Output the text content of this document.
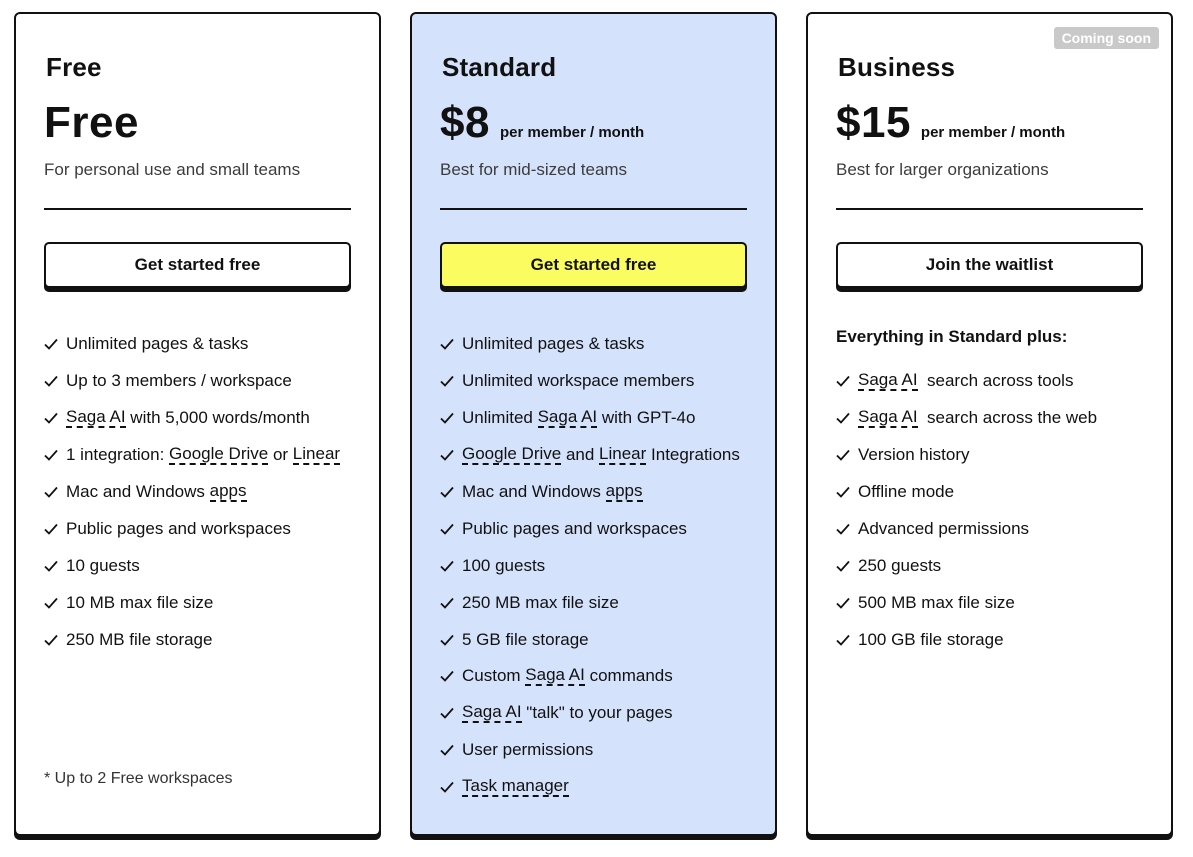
Free
Free
For personal use and small teams
Get started free
Unlimited pages & tasks
Up to 3 members / workspace
Saga AI with 5,000 words/month
1 integration: Google Drive or Linear
Mac and Windows apps
Public pages and workspaces
10 guests
10 MB max file size
250 MB file storage
* Up to 2 Free workspaces
Standard
$8 per member / month
Best for mid-sized teams
Get started free
Unlimited pages & tasks
Unlimited workspace members
Unlimited Saga AI with GPT-4o
Google Drive and Linear Integrations
Mac and Windows apps
Public pages and workspaces
100 guests
250 MB max file size
5 GB file storage
Custom Saga AI commands
Saga AI "talk" to your pages
User permissions
Task manager
Coming soon
Business
$15 per member / month
Best for larger organizations
Join the waitlist
Everything in Standard plus:
Saga AI search across tools
Saga AI search across the web
Version history
Offline mode
Advanced permissions
250 guests
500 MB max file size
100 GB file storage
